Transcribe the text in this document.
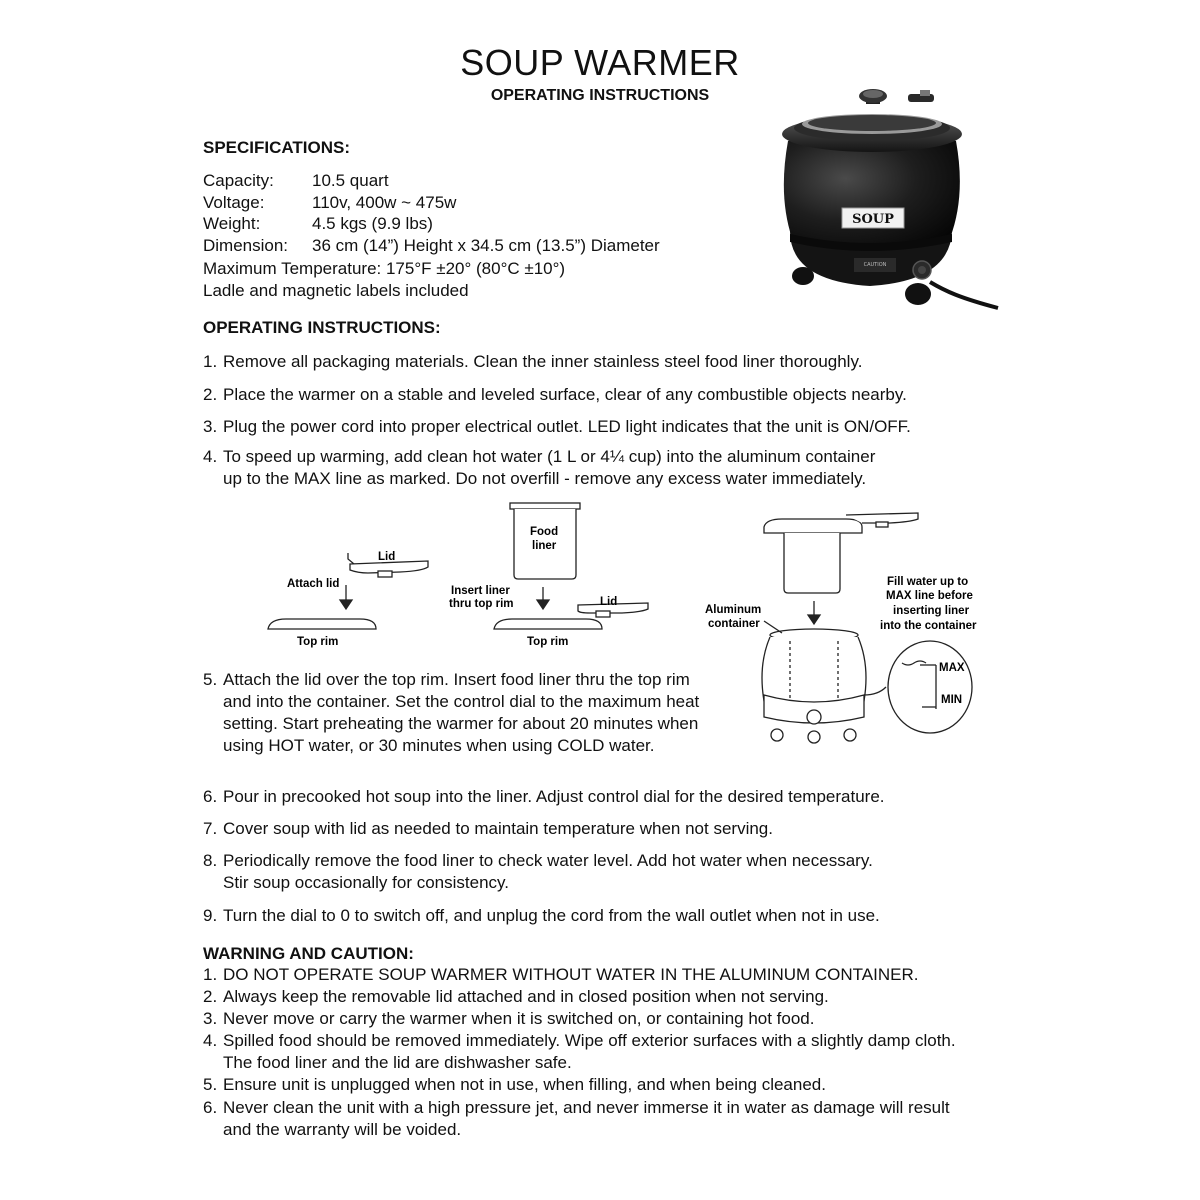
SOUP WARMER
OPERATING INSTRUCTIONS
SOUP
CAUTION
SPECIFICATIONS:
Capacity: 10.5 quart
Voltage:	110v, 400w ~ 475w
Weight:	4.5 kgs (9.9 lbs)
Dimension: 36 cm (14”) Height x 34.5 cm (13.5”) Diameter
Maximum Temperature: 175°F ±20° (80°C ±10°)
Ladle and magnetic labels included
OPERATING INSTRUCTIONS:
1. Remove all packaging materials. Clean the inner stainless steel food liner thoroughly.
2. Place the warmer on a stable and leveled surface, clear of any combustible objects nearby.
3. Plug the power cord into proper electrical outlet. LED light indicates that the unit is ON/OFF.
4. To speed up warming, add clean hot water (1 L or 4¼ cup) into the aluminum container
up to the MAX line as marked. Do not overfill - remove any excess water immediately.
Lid
Attach lid
Top rim
Food
liner
Insert liner
thru top rim	Lid
Top rim
Aluminum
container
Fill water up to
MAX line before
inserting liner
into the container
MAX
MIN
5. Attach the lid over the top rim. Insert food liner thru the top rim
and into the container. Set the control dial to the maximum heat
setting. Start preheating the warmer for about 20 minutes when
using HOT water, or 30 minutes when using COLD water.
6. Pour in precooked hot soup into the liner. Adjust control dial for the desired temperature.
7. Cover soup with lid as needed to maintain temperature when not serving.
8. Periodically remove the food liner to check water level. Add hot water when necessary.
Stir soup occasionally for consistency.
9. Turn the dial to 0 to switch off, and unplug the cord from the wall outlet when not in use.
WARNING AND CAUTION:
1. DO NOT OPERATE SOUP WARMER WITHOUT WATER IN THE ALUMINUM CONTAINER.
2. Always keep the removable lid attached and in closed position when not serving.
3. Never move or carry the warmer when it is switched on, or containing hot food.
4. Spilled food should be removed immediately. Wipe off exterior surfaces with a slightly damp cloth.
The food liner and the lid are dishwasher safe.
5. Ensure unit is unplugged when not in use, when filling, and when being cleaned.
6. Never clean the unit with a high pressure jet, and never immerse it in water as damage will result
and the warranty will be voided.
